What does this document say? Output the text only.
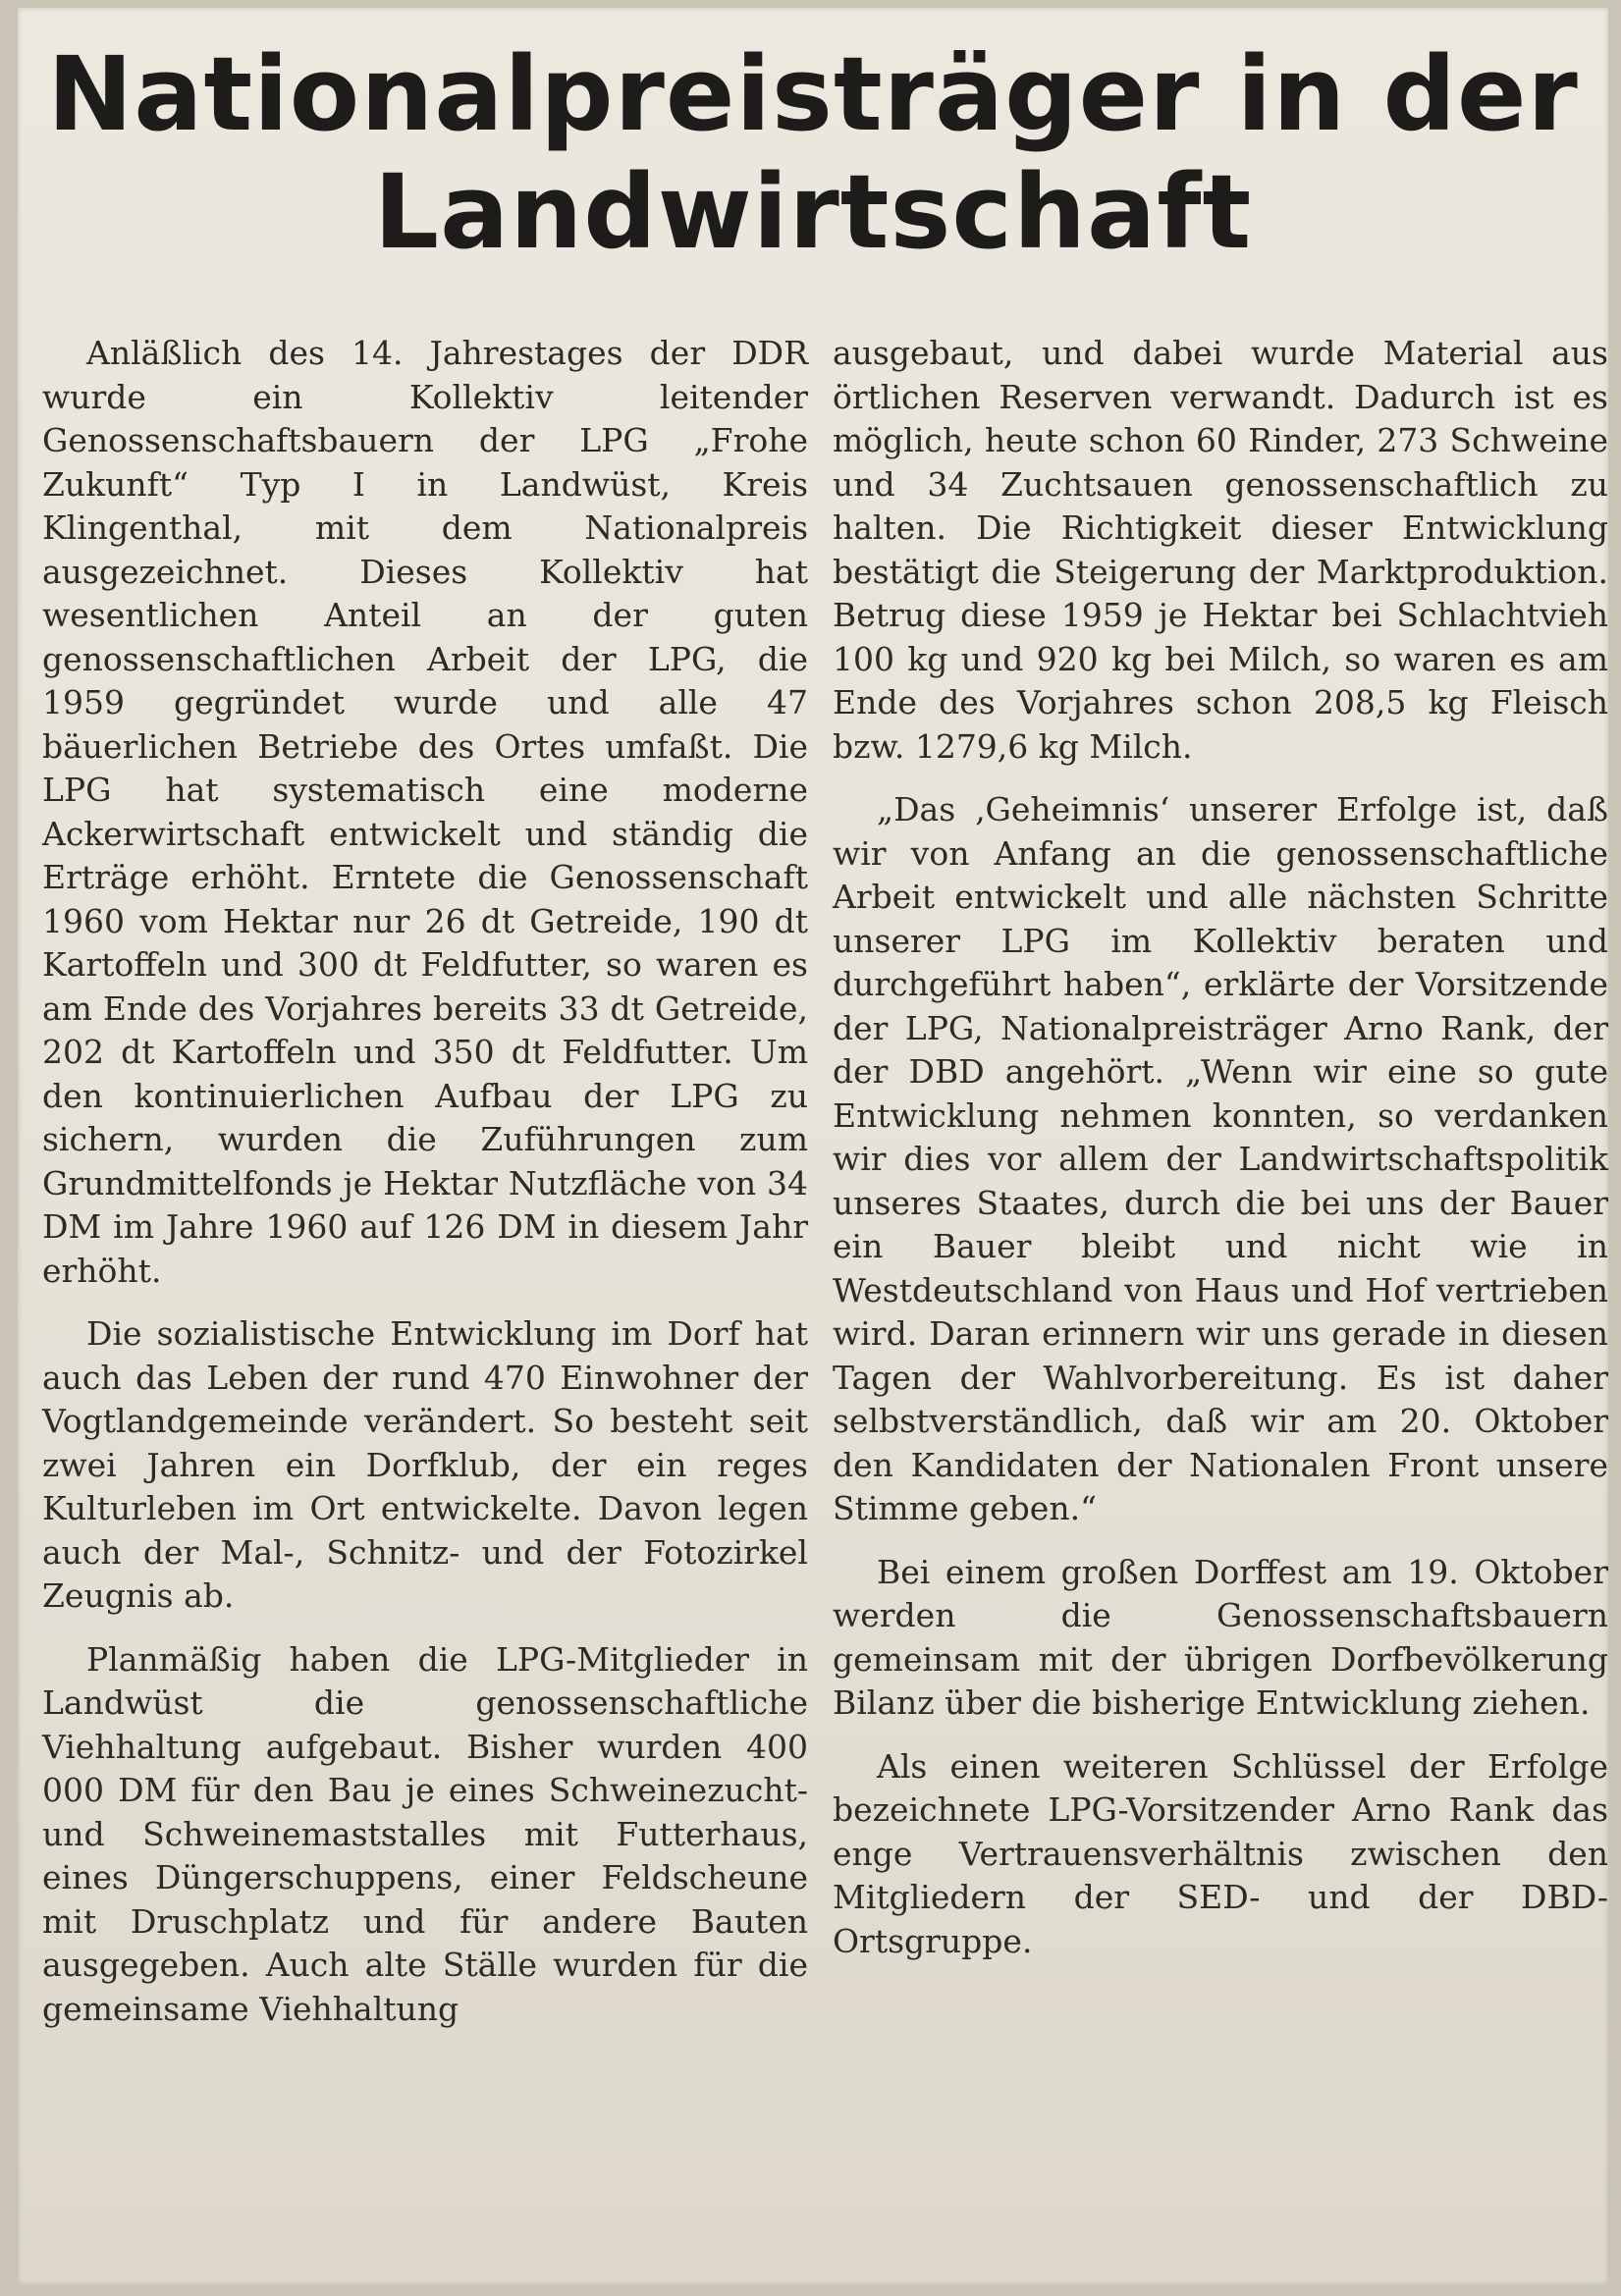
Nationalpreisträger in der
Landwirtschaft

Anläßlich des 14. Jahrestages der DDR wurde ein Kollektiv leitender Genossenschaftsbauern der LPG „Frohe Zukunft“ Typ I in Landwüst, Kreis Klingenthal, mit dem Nationalpreis ausgezeichnet. Dieses Kollektiv hat wesentlichen Anteil an der guten genossenschaftlichen Arbeit der LPG, die 1959 gegründet wurde und alle 47 bäuerlichen Betriebe des Ortes umfaßt. Die LPG hat systematisch eine moderne Ackerwirtschaft entwickelt und ständig die Erträge erhöht. Erntete die Genossenschaft 1960 vom Hektar nur 26 dt Getreide, 190 dt Kartoffeln und 300 dt Feldfutter, so waren es am Ende des Vorjahres bereits 33 dt Getreide, 202 dt Kartoffeln und 350 dt Feldfutter. Um den kontinuierlichen Aufbau der LPG zu sichern, wurden die Zuführungen zum Grundmittelfonds je Hektar Nutzfläche von 34 DM im Jahre 1960 auf 126 DM in diesem Jahr erhöht.

Die sozialistische Entwicklung im Dorf hat auch das Leben der rund 470 Einwohner der Vogtlandgemeinde verändert. So besteht seit zwei Jahren ein Dorfklub, der ein reges Kulturleben im Ort entwickelte. Davon legen auch der Mal-, Schnitz- und der Fotozirkel Zeugnis ab.

Planmäßig haben die LPG-Mitglieder in Landwüst die genossenschaftliche Viehhaltung aufgebaut. Bisher wurden 400 000 DM für den Bau je eines Schweinezucht- und Schweinemaststalles mit Futterhaus, eines Düngerschuppens, einer Feldscheune mit Druschplatz und für andere Bauten ausgegeben. Auch alte Ställe wurden für die gemeinsame Viehhaltung

ausgebaut, und dabei wurde Material aus örtlichen Reserven verwandt. Dadurch ist es möglich, heute schon 60 Rinder, 273 Schweine und 34 Zuchtsauen genossenschaftlich zu halten. Die Richtigkeit dieser Entwicklung bestätigt die Steigerung der Marktproduktion. Betrug diese 1959 je Hektar bei Schlachtvieh 100 kg und 920 kg bei Milch, so waren es am Ende des Vorjahres schon 208,5 kg Fleisch bzw. 1279,6 kg Milch.

„Das ‚Geheimnis‘ unserer Erfolge ist, daß wir von Anfang an die genossenschaftliche Arbeit entwickelt und alle nächsten Schritte unserer LPG im Kollektiv beraten und durchgeführt haben“, erklärte der Vorsitzende der LPG, Nationalpreisträger Arno Rank, der der DBD angehört. „Wenn wir eine so gute Entwicklung nehmen konnten, so verdanken wir dies vor allem der Landwirtschaftspolitik unseres Staates, durch die bei uns der Bauer ein Bauer bleibt und nicht wie in Westdeutschland von Haus und Hof vertrieben wird. Daran erinnern wir uns gerade in diesen Tagen der Wahlvorbereitung. Es ist daher selbstverständlich, daß wir am 20. Oktober den Kandidaten der Nationalen Front unsere Stimme geben.“

Bei einem großen Dorffest am 19. Oktober werden die Genossenschaftsbauern gemeinsam mit der übrigen Dorfbevölkerung Bilanz über die bisherige Entwicklung ziehen.

Als einen weiteren Schlüssel der Erfolge bezeichnete LPG-Vorsitzender Arno Rank das enge Vertrauensverhältnis zwischen den Mitgliedern der SED- und der DBD-Ortsgruppe.
